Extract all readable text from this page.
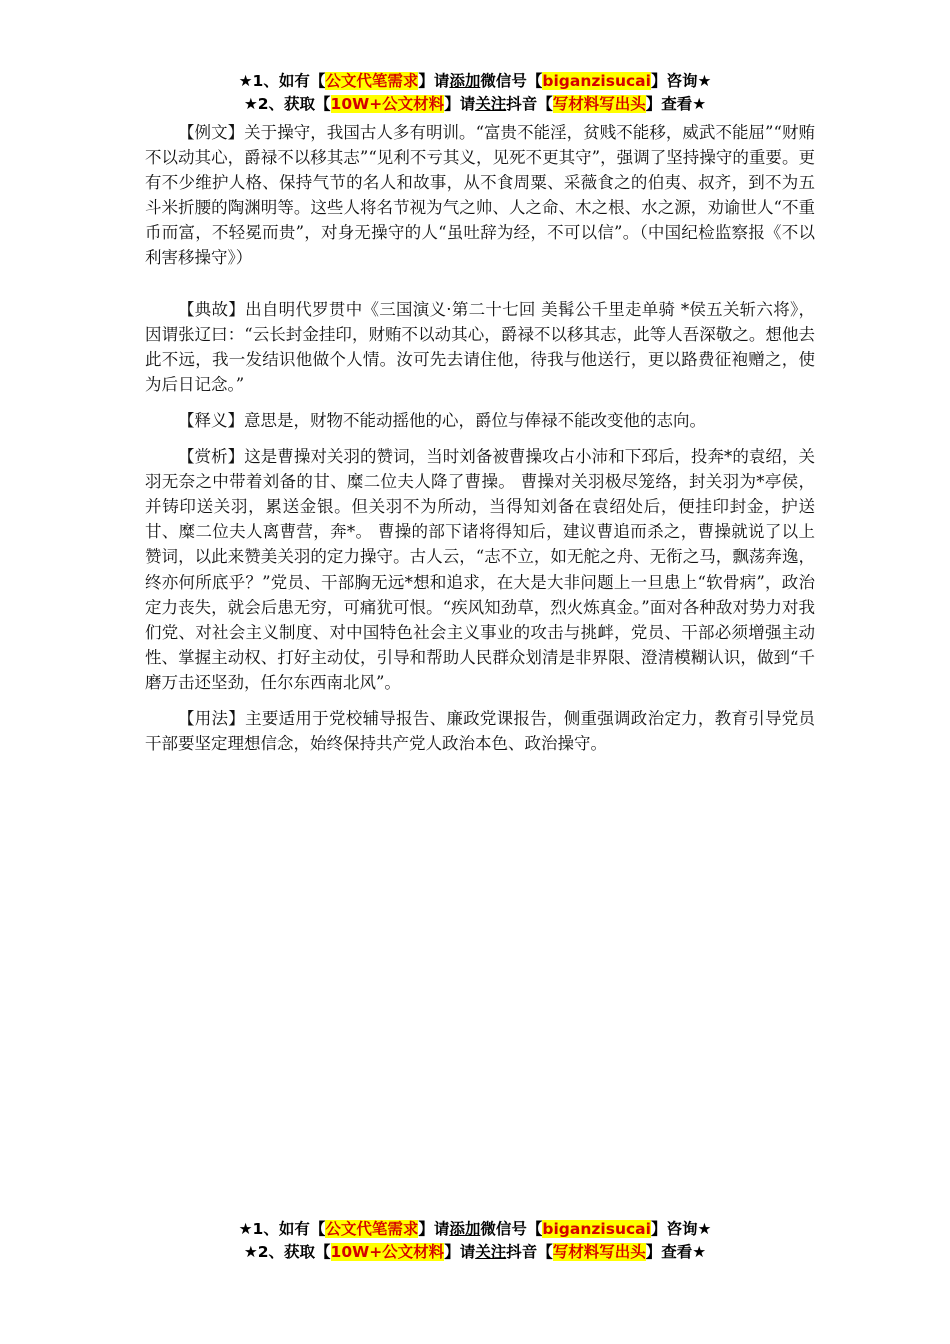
★1、如有【公文代笔需求】请添加微信号【biganzisucai】咨询★
★2、获取【10W+公文材料】请关注抖音【写材料写出头】查看★

【例文】关于操守，我国古人多有明训。“富贵不能淫，贫贱不能移，威武不能屈”“财贿不以动其心，爵禄不以移其志”“见利不亏其义，见死不更其守”，强调了坚持操守的重要。更有不少维护人格、保持气节的名人和故事，从不食周粟、采薇食之的伯夷、叔齐，到不为五斗米折腰的陶渊明等。这些人将名节视为气之帅、人之命、木之根、水之源，劝谕世人“不重币而富，不轻冕而贵”，对身无操守的人“虽吐辞为经，不可以信”。（中国纪检监察报《不以利害移操守》）

【典故】出自明代罗贯中《三国演义·第二十七回 美髯公千里走单骑 *侯五关斩六将》，因谓张辽曰：“云长封金挂印，财贿不以动其心，爵禄不以移其志，此等人吾深敬之。想他去此不远，我一发结识他做个人情。汝可先去请住他，待我与他送行，更以路费征袍赠之，使为后日记念。”

【释义】意思是，财物不能动摇他的心，爵位与俸禄不能改变他的志向。

【赏析】这是曹操对关羽的赞词，当时刘备被曹操攻占小沛和下邳后，投奔*的袁绍，关羽无奈之中带着刘备的甘、糜二位夫人降了曹操。 曹操对关羽极尽笼络，封关羽为*亭侯，并铸印送关羽，累送金银。但关羽不为所动，当得知刘备在袁绍处后，便挂印封金，护送甘、糜二位夫人离曹营，奔*。 曹操的部下诸将得知后，建议曹追而杀之，曹操就说了以上赞词，以此来赞美关羽的定力操守。古人云，“志不立，如无舵之舟、无衔之马，飘荡奔逸，终亦何所底乎？”党员、干部胸无远*想和追求，在大是大非问题上一旦患上“软骨病”，政治定力丧失，就会后患无穷，可痛犹可恨。“疾风知劲草，烈火炼真金。”面对各种敌对势力对我们党、对社会主义制度、对中国特色社会主义事业的攻击与挑衅，党员、干部必须增强主动性、掌握主动权、打好主动仗，引导和帮助人民群众划清是非界限、澄清模糊认识，做到“千磨万击还坚劲，任尔东西南北风”。

【用法】主要适用于党校辅导报告、廉政党课报告，侧重强调政治定力，教育引导党员干部要坚定理想信念，始终保持共产党人政治本色、政治操守。

★1、如有【公文代笔需求】请添加微信号【biganzisucai】咨询★
★2、获取【10W+公文材料】请关注抖音【写材料写出头】查看★
